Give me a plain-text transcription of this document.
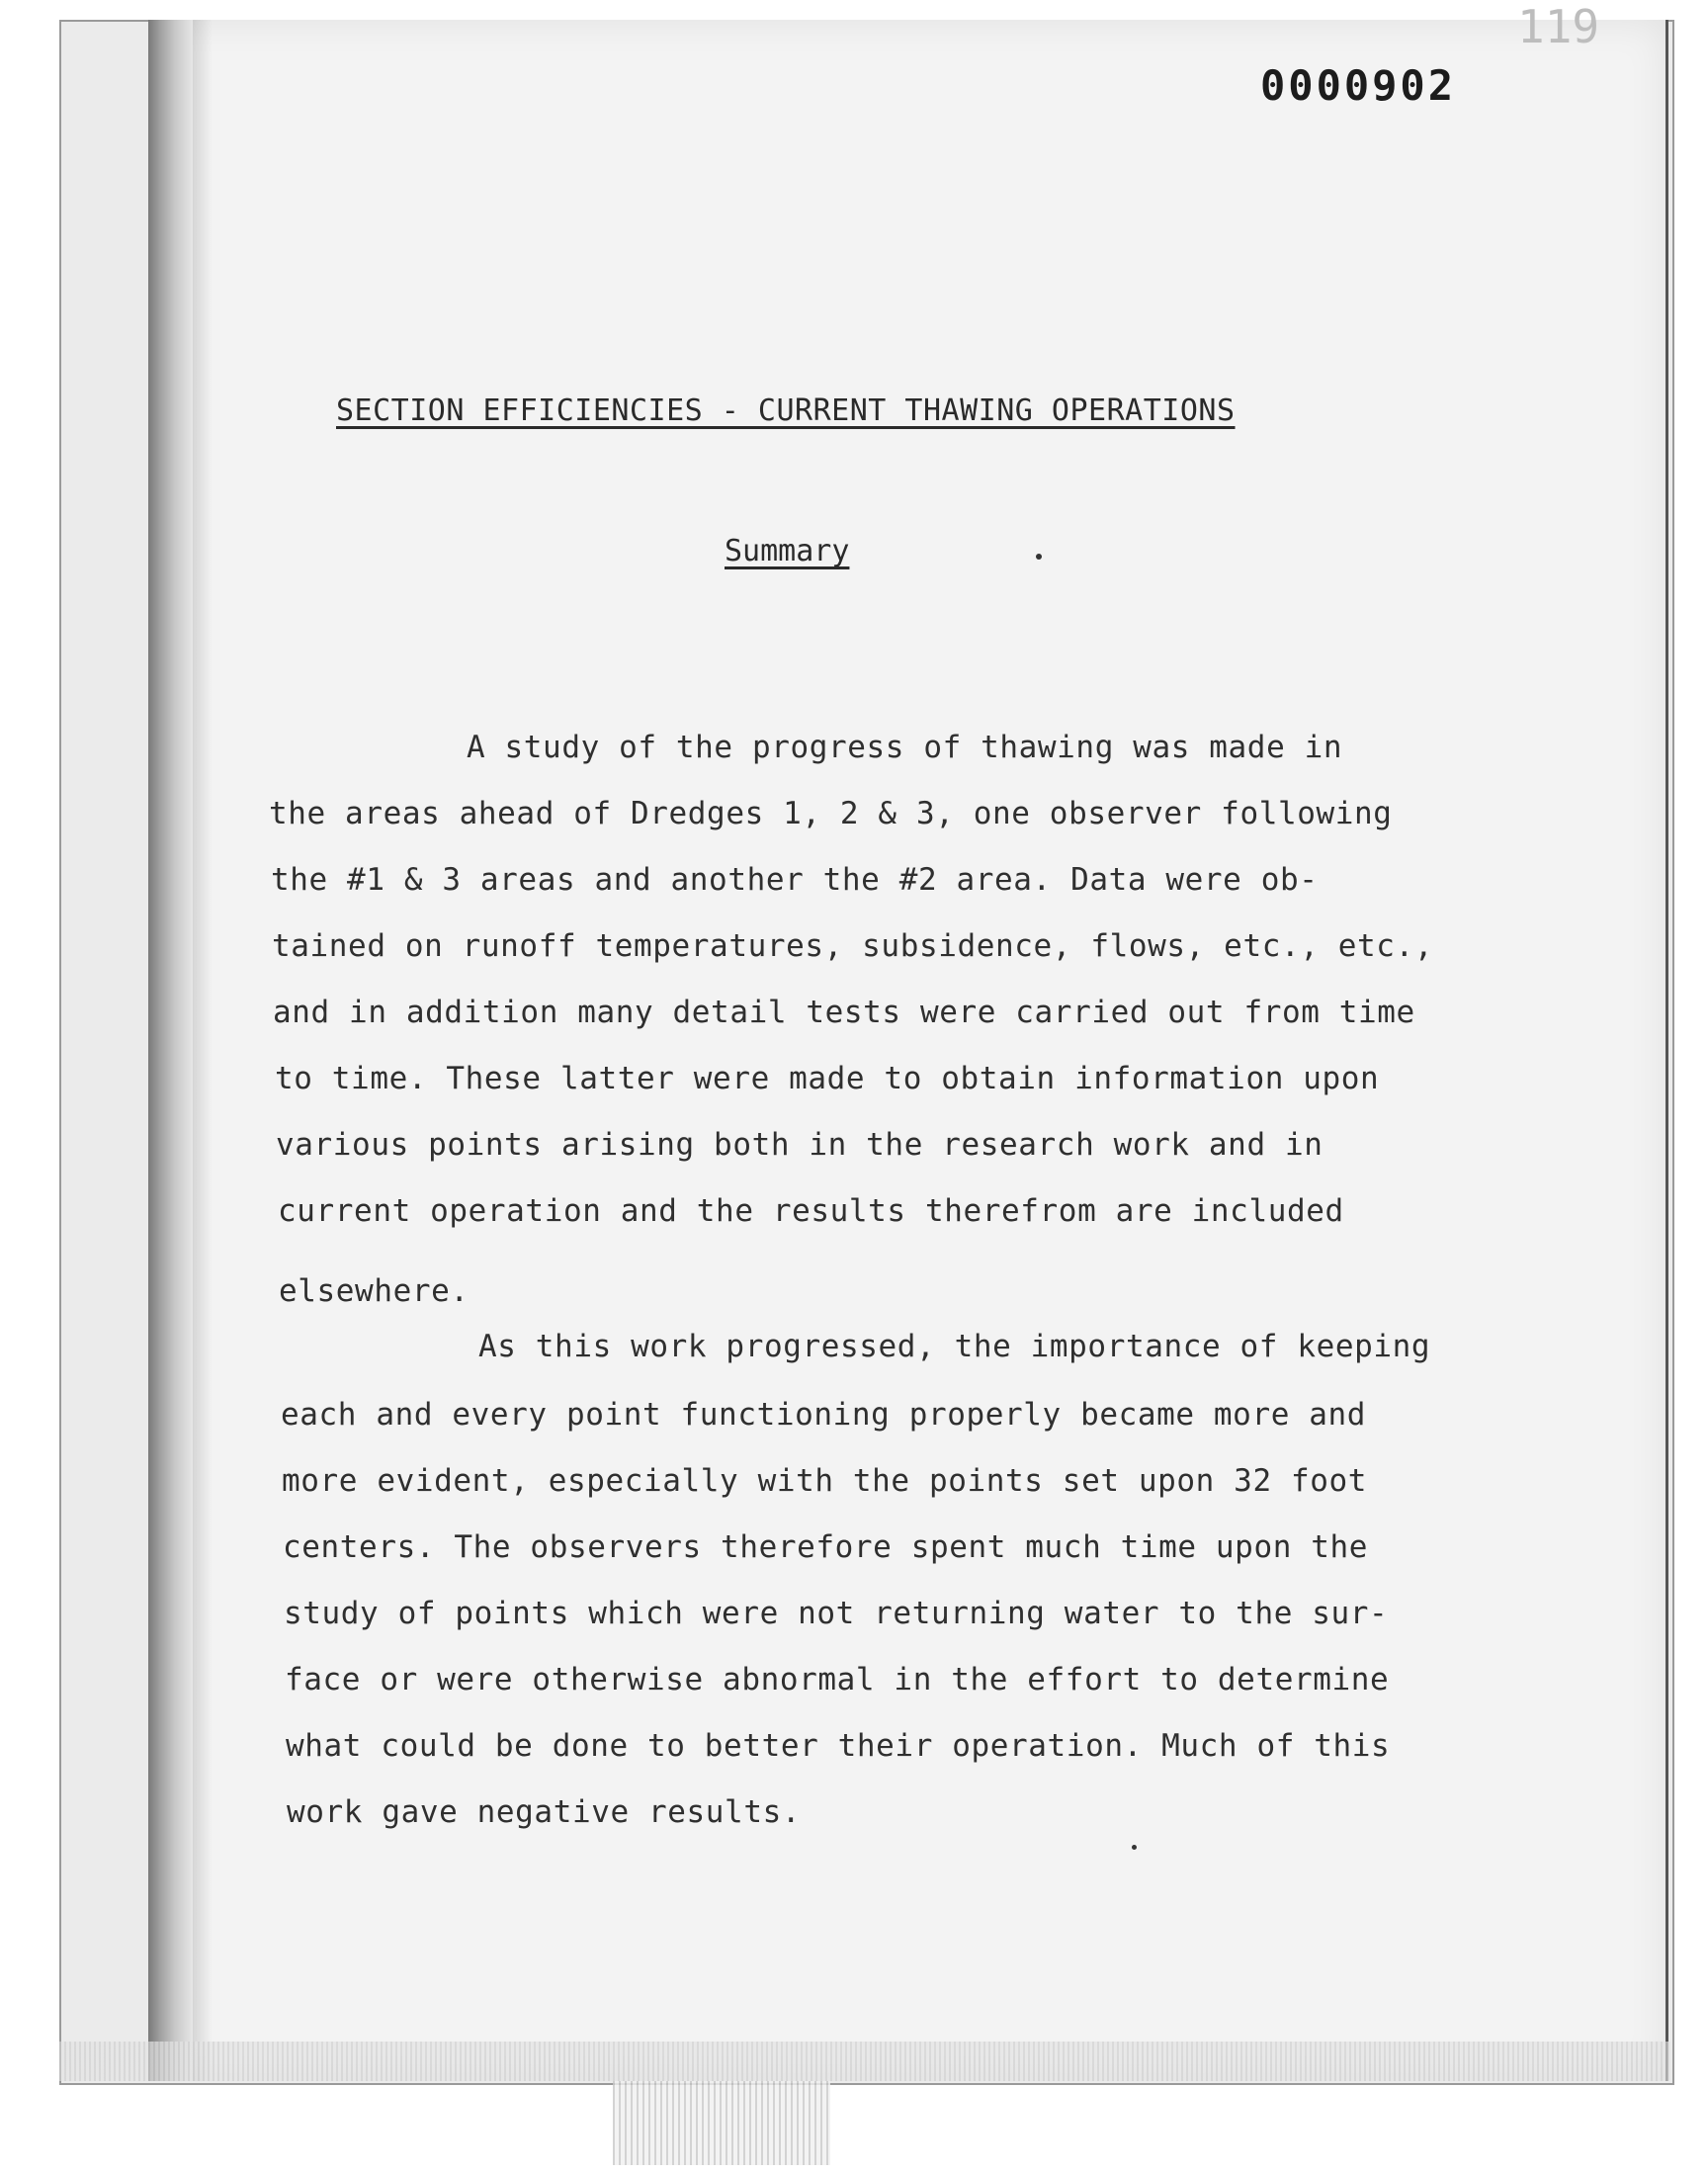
119
0000902
SECTION EFFICIENCIES - CURRENT THAWING OPERATIONS
Summary
A study of the progress of thawing was made in
the areas ahead of Dredges 1, 2 & 3, one observer following
the #1 & 3 areas and another the #2 area. Data were ob-
tained on runoff temperatures, subsidence, flows, etc., etc.,
and in addition many detail tests were carried out from time
to time. These latter were made to obtain information upon
various points arising both in the research work and in
current operation and the results therefrom are included
elsewhere.
As this work progressed, the importance of keeping
each and every point functioning properly became more and
more evident, especially with the points set upon 32 foot
centers. The observers therefore spent much time upon the
study of points which were not returning water to the sur-
face or were otherwise abnormal in the effort to determine
what could be done to better their operation. Much of this
work gave negative results.
